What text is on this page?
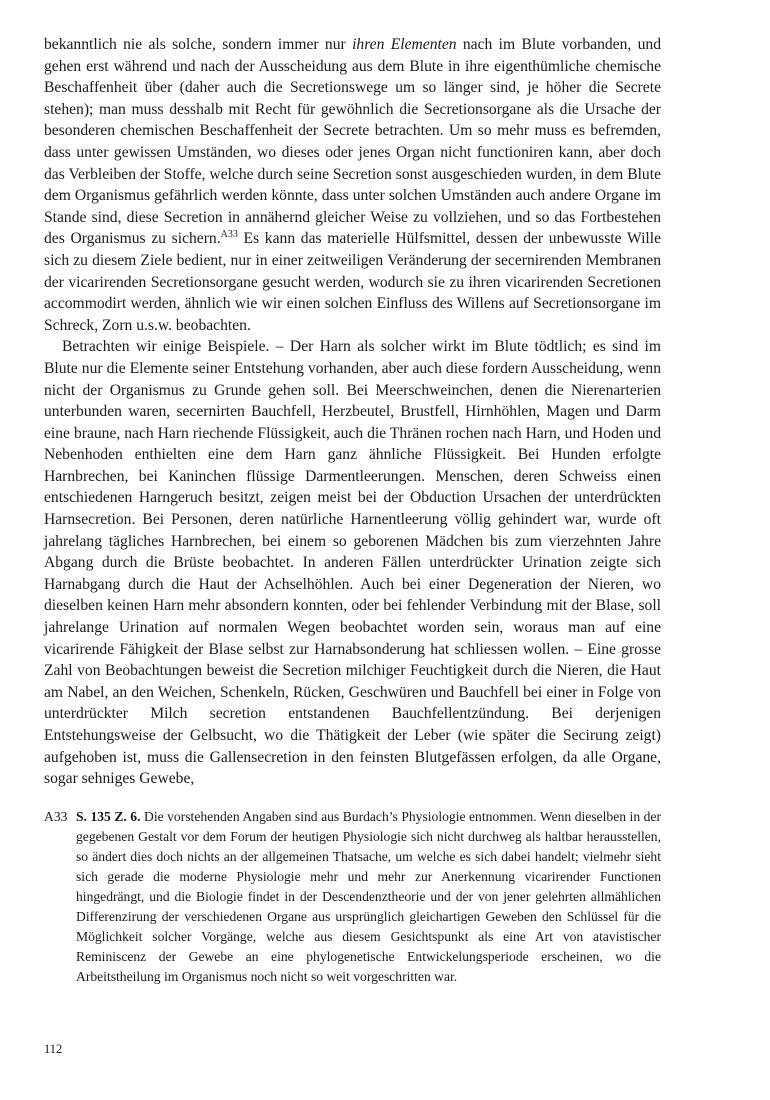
bekanntlich nie als solche, sondern immer nur ihren Elementen nach im Blute vorbanden, und gehen erst während und nach der Ausscheidung aus dem Blute in ihre eigenthümliche chemische Beschaffenheit über (daher auch die Secretionswege um so länger sind, je höher die Secrete stehen); man muss desshalb mit Recht für gewöhnlich die Secretionsorgane als die Ursache der besonderen chemischen Beschaffenheit der Secrete betrachten. Um so mehr muss es befremden, dass unter gewissen Umständen, wo dieses oder jenes Organ nicht functioniren kann, aber doch das Verbleiben der Stoffe, welche durch seine Secretion sonst ausgeschieden wurden, in dem Blute dem Organismus gefährlich werden könnte, dass unter solchen Umständen auch andere Organe im Stande sind, diese Secretion in annähernd gleicher Weise zu vollziehen, und so das Fortbestehen des Organismus zu sichern.$^{A33}$ Es kann das materielle Hülfsmittel, dessen der unbewusste Wille sich zu diesem Ziele bedient, nur in einer zeitweiligen Veränderung der secernirenden Membranen der vicarirenden Secretionsorgane gesucht werden, wodurch sie zu ihren vicarirenden Secretionen accommodirt werden, ähnlich wie wir einen solchen Einfluss des Willens auf Secretionsorgane im Schreck, Zorn u.s.w. beobachten.

Betrachten wir einige Beispiele. – Der Harn als solcher wirkt im Blute tödtlich; es sind im Blute nur die Elemente seiner Entstehung vorhanden, aber auch diese fordern Ausscheidung, wenn nicht der Organismus zu Grunde gehen soll. Bei Meerschweinchen, denen die Nierenarterien unterbunden waren, secernirten Bauchfell, Herzbeutel, Brustfell, Hirnhöhlen, Magen und Darm eine braune, nach Harn riechende Flüssigkeit, auch die Thränen rochen nach Harn, und Hoden und Nebenhoden enthielten eine dem Harn ganz ähnliche Flüssigkeit. Bei Hunden erfolgte Harnbrechen, bei Kaninchen flüssige Darmentleerungen. Menschen, deren Schweiss einen entschiedenen Harngeruch besitzt, zeigen meist bei der Obduction Ursachen der unterdrückten Harnsecretion. Bei Personen, deren natürliche Harnentleerung völlig gehindert war, wurde oft jahrelang tägliches Harnbrechen, bei einem so geborenen Mädchen bis zum vierzehnten Jahre Abgang durch die Brüste beobachtet. In anderen Fällen unterdrückter Urination zeigte sich Harnabgang durch die Haut der Achselhöhlen. Auch bei einer Degeneration der Nieren, wo dieselben keinen Harn mehr absondern konnten, oder bei fehlender Verbindung mit der Blase, soll jahrelange Urination auf normalen Wegen beobachtet worden sein, woraus man auf eine vicarirende Fähigkeit der Blase selbst zur Harnabsonderung hat schliessen wollen. – Eine grosse Zahl von Beobachtungen beweist die Secretion milchiger Feuchtigkeit durch die Nieren, die Haut am Nabel, an den Weichen, Schenkeln, Rücken, Geschwüren und Bauchfell bei einer in Folge von unterdrückter Milch secretion entstandenen Bauchfellentzündung. Bei derjenigen Entstehungsweise der Gelbsucht, wo die Thätigkeit der Leber (wie später die Secirung zeigt) aufgehoben ist, muss die Gallensecretion in den feinsten Blutgefässen erfolgen, da alle Organe, sogar sehniges Gewebe,

A33 S. 135 Z. 6. Die vorstehenden Angaben sind aus Burdach’s Physiologie entnommen. Wenn dieselben in der gegebenen Gestalt vor dem Forum der heutigen Physiologie sich nicht durchweg als haltbar herausstellen, so ändert dies doch nichts an der allgemeinen Thatsache, um welche es sich dabei handelt; vielmehr sieht sich gerade die moderne Physiologie mehr und mehr zur Anerkennung vicarirender Functionen hingedrängt, und die Biologie findet in der Descendenztheorie und der von jener gelehrten allmählichen Differenzirung der verschiedenen Organe aus ursprünglich gleichartigen Geweben den Schlüssel für die Möglichkeit solcher Vorgänge, welche aus diesem Gesichtspunkt als eine Art von atavistischer Reminiscenz der Gewebe an eine phylogenetische Entwickelungsperiode erscheinen, wo die Arbeitstheilung im Organismus noch nicht so weit vorgeschritten war.
112
